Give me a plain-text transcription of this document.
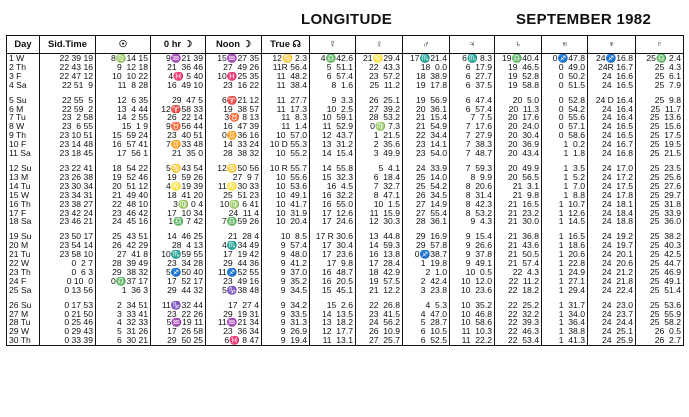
LONGITUDE	SEPTEMBER 1982
Day	Sid.Time	☉	0 hr ☽	Noon ☽	True ☊	☿	♀	♂	♃	♄	♅	♆	♇
1 W	22 39 19	8♍14 15	9♒21 39	15♒27 35	12♋ 2.3	4♎42.6	21♌29.4	17♏21.4	6♏ 8.3	19♎40.4	0♐47.8	24♐16.8	25♎ 2.4
2 Th	22 43 16	9  12 18	21  36 46	27  49 26	11R 56.4	5  51.1	22  43.3	18  0.0	6  17.9	19  46.5	0  49.0	24R 16.7	25  4.3
3 F	22 47 12	10  10 22	4♓ 5 40	10♓25 35	11  48.2	6  57.4	23  57.2	18  38.9	6  27.7	19  52.8	0  50.2	24  16.6	25  6.1
4 Sa	22 51  9	11  8 28	16  49 10	23  16 22	11  38.4	8  1.6	25  11.2	19  17.8	6  37.5	19  58.8	0  51.5	24  16.5	25  7.9

5 Su	22 55  5	12  6 35	29  47 5	6♈21 12	11  27.7	9  3.3	26  25.1	19  56.9	6  47.4	20  5.0	0  52.8	24 D 16.4	25  9.8
6 M	22 59  2	13  4 44	12♈58 33	19  38 57	11  17.3	10  2.5	27  39.2	20  36.1	6  57.4	20  11.3	0  54.2	24  16.4	25  11.7
7 Tu	23  2 58	14  2 55	26  22 14	3♉ 8 13	11  8.3	10  59.1	28  53.2	21  15.4	7  7.5	20  17.6	0  55.6	24  16.4	25  13.6
8 W	23  6 55	15  1 9	9♉56 44	16  47 39	11  1.4	11  52.9	0♍ 7.3	21  54.9	7  17.6	20  24.0	0  57.1	24  16.5	25  15.6
9 Th	23 10 51	15  59 24	23  40 51	0♊36 16	10  57.0	12  43.7	1  21.5	22  34.4	7  27.9	20  30.4	0  58.6	24  16.5	25  17.5
10 F	23 14 48	16  57 41	7♊33 48	14  33 24	10 D 55.3	13  31.2	2  35.6	23  14.1	7  38.3	20  36.9	1  0.2	24  16.7	25  19.5
11 Sa	23 18 45	17  56 1	21  35 0	28  38 32	10  55.2	14  15.4	3  49.9	23  54.0	7  48.7	20  43.4	1  1.8	24  16.8	25  21.5

12 Su	23 22 41	18  54 22	5♋43 54	12♋50 56	10 R 55.7	14  55.8	5  4.1	24  33.9	7  59.3	20  49.9	1  3.5	24  17.0	25  23.5
13 M	23 26 38	19  52 46	19  59 26	27  9 7	10  55.6	15  32.3	6  18.4	25  14.0	8  9.9	20  56.5	1  5.2	24  17.2	25  25.6
14 Tu	23 30 34	20  51 12	4♌19 39	11♌30 33	10  53.6	16  4.5	7  32.7	25  54.2	8  20.6	21  3.1	1  7.0	24  17.5	25  27.6
15 W	23 34 31	21  49 40	18  41 20	25  51 23	10  49.1	16  32.2	8  47.1	26  34.5	8  31.4	21  9.8	1  8.8	24  17.8	25  29.7
16 Th	23 38 27	22  48 10	3♍ 0 4	10♍ 6 41	10  41.7	16  55.0	10  1.5	27  14.9	8  42.3	21  16.5	1  10.7	24  18.1	25  31.8
17 F	23 42 24	23  46 42	17  10 34	24  11 4	10  31.9	17  12.6	11  15.9	27  55.4	8  53.2	21  23.2	1  12.6	24  18.4	25  33.9
18 Sa	23 46 21	24  45 16	1♎ 7 42	7♎59 26	10  20.4	17  24.6	12  30.3	28  36.1	9  4.3	21  30.0	1  14.5	24  18.8	25  36.0

19 Su	23 50 17	25  43 51	14  46 25	21  28 4	10  8.5	17 R 30.6	13  44.8	29  16.9	9  15.4	21  36.8	1  16.5	24  19.2	25  38.2
20 M	23 54 14	26  42 29	28  4 13	4♏34 49	9  57.4	17  30.4	14  59.3	29  57.8	9  26.6	21  43.6	1  18.6	24  19.7	25  40.3
21 Tu	23 58 10	27  41 8	10♏59 55	17  19 42	9  48.0	17  23.6	16  13.8	0♐38.7	9  37.8	21  50.5	1  20.6	24  20.1	25  42.5
22 W	0  2 7	28  39 49	23  34 28	29  44 36	9  41.2	17  9.8	17  28.4	1  19.8	9  49.1	21  57.4	1  22.8	24  20.6	25  44.7
23 Th	0  6 3	29  38 32	5♐50 40	11♐52 55	9  37.0	16  48.7	18  42.9	2  1.0	10  0.5	22  4.3	1  24.9	24  21.2	25  46.9
24 F	0 10  0	0♎37 17	17  52 17	23  49 16	9  35.2	16  20.5	19  57.5	2  42.4	10  12.0	22  11.2	1  27.1	24  21.8	25  49.1
25 Sa	0 13 56	1  36 3	29  44 32	5♑38 48	9  34.5	15  45.1	21  12.2	3  23.8	10  23.6	22  18.2	1  29.4	24  22.4	25  51.4

26 Su	0 17 53	2  34 51	11♑32 44	17  27 4	9  34.2	15  2.6	22  26.8	4  5.3	10  35.2	22  25.2	1  31.7	24  23.0	25  53.6
27 M	0 21 50	3  33 41	23  22 26	29  19 31	9  33.5	14  13.5	23  41.5	4  47.0	10  46.8	22  32.2	1  34.0	24  23.7	25  55.9
28 Tu	0 25 46	4  32 33	5♒19 11	11♒21 34	9  31.3	13  18.2	24  56.2	5  28.7	10  58.6	22  39.3	1  36.4	24  24.4	25  58.2
29 W	0 29 43	5  31 26	17  26 58	23  36 34	9  26.9	12  17.7	26  10.9	6  10.5	11  10.3	22  46.3	1  38.8	24  25.1	26  0.5
30 Th	0 33 39	6  30 21	29  50 25	6♓ 8 47	9  19.4	11  13.1	27  25.7	6  52.5	11  22.2	22  53.4	1  41.3	24  25.9	26  2.7
